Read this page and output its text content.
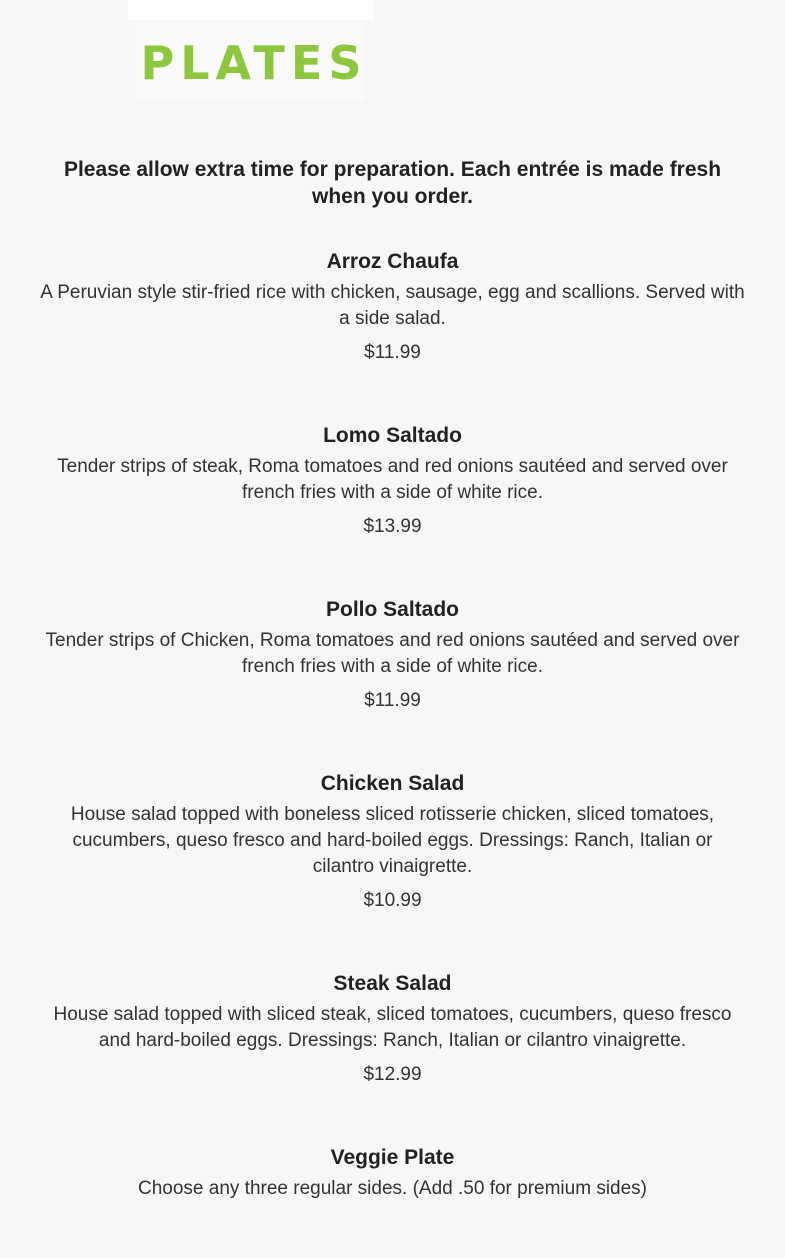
PLATES
Please allow extra time for preparation. Each entrée is made fresh when you order.
Arroz Chaufa
A Peruvian style stir-fried rice with chicken, sausage, egg and scallions. Served with a side salad.
$11.99
Lomo Saltado
Tender strips of steak, Roma tomatoes and red onions sautéed and served over french fries with a side of white rice.
$13.99
Pollo Saltado
Tender strips of Chicken, Roma tomatoes and red onions sautéed and served over french fries with a side of white rice.
$11.99
Chicken Salad
House salad topped with boneless sliced rotisserie chicken, sliced tomatoes, cucumbers, queso fresco and hard-boiled eggs. Dressings: Ranch, Italian or cilantro vinaigrette.
$10.99
Steak Salad
House salad topped with sliced steak, sliced tomatoes, cucumbers, queso fresco and hard-boiled eggs. Dressings: Ranch, Italian or cilantro vinaigrette.
$12.99
Veggie Plate
Choose any three regular sides. (Add .50 for premium sides)
